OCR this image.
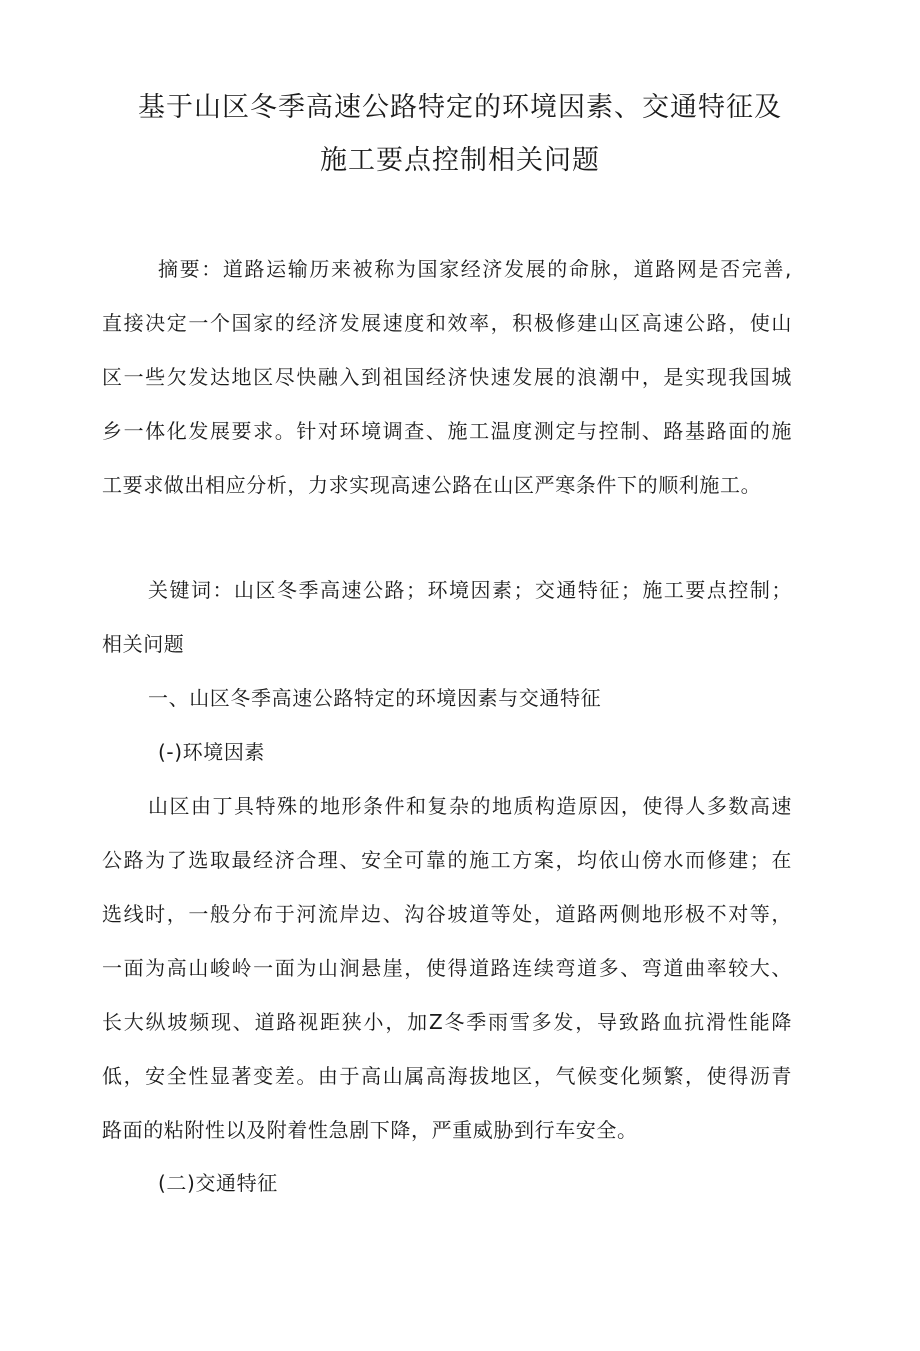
基于山区冬季高速公路特定的环境因素、交通特征及
施工要点控制相关问题
摘要：道路运输历来被称为国家经济发展的命脉，道路网是否完善,
直接决定一个国家的经济发展速度和效率，积极修建山区高速公路，使山
区一些欠发达地区尽快融入到祖国经济快速发展的浪潮中，是实现我国城
乡一体化发展要求。针对环境调查、施工温度测定与控制、路基路面的施
工要求做出相应分析，力求实现高速公路在山区严寒条件下的顺利施工。
关键词：山区冬季高速公路；环境因素；交通特征；施工要点控制；
相关问题
一、山区冬季高速公路特定的环境因素与交通特征
(-)环境因素
山区由丁具特殊的地形条件和复杂的地质构造原因，使得人多数高速
公路为了选取最经济合理、安全可靠的施工方案，均依山傍水而修建；在
选线时，一般分布于河流岸边、沟谷坡道等处，道路两侧地形极不对等，
一面为高山峻岭一面为山涧悬崖，使得道路连续弯道多、弯道曲率较大、
长大纵坡频现、道路视距狭小，加Z冬季雨雪多发，导致路血抗滑性能降
低，安全性显著变差。由于高山属高海拔地区，气候变化频繁，使得沥青
路面的粘附性以及附着性急剧下降，严重威胁到行车安全。
(二)交通特征
